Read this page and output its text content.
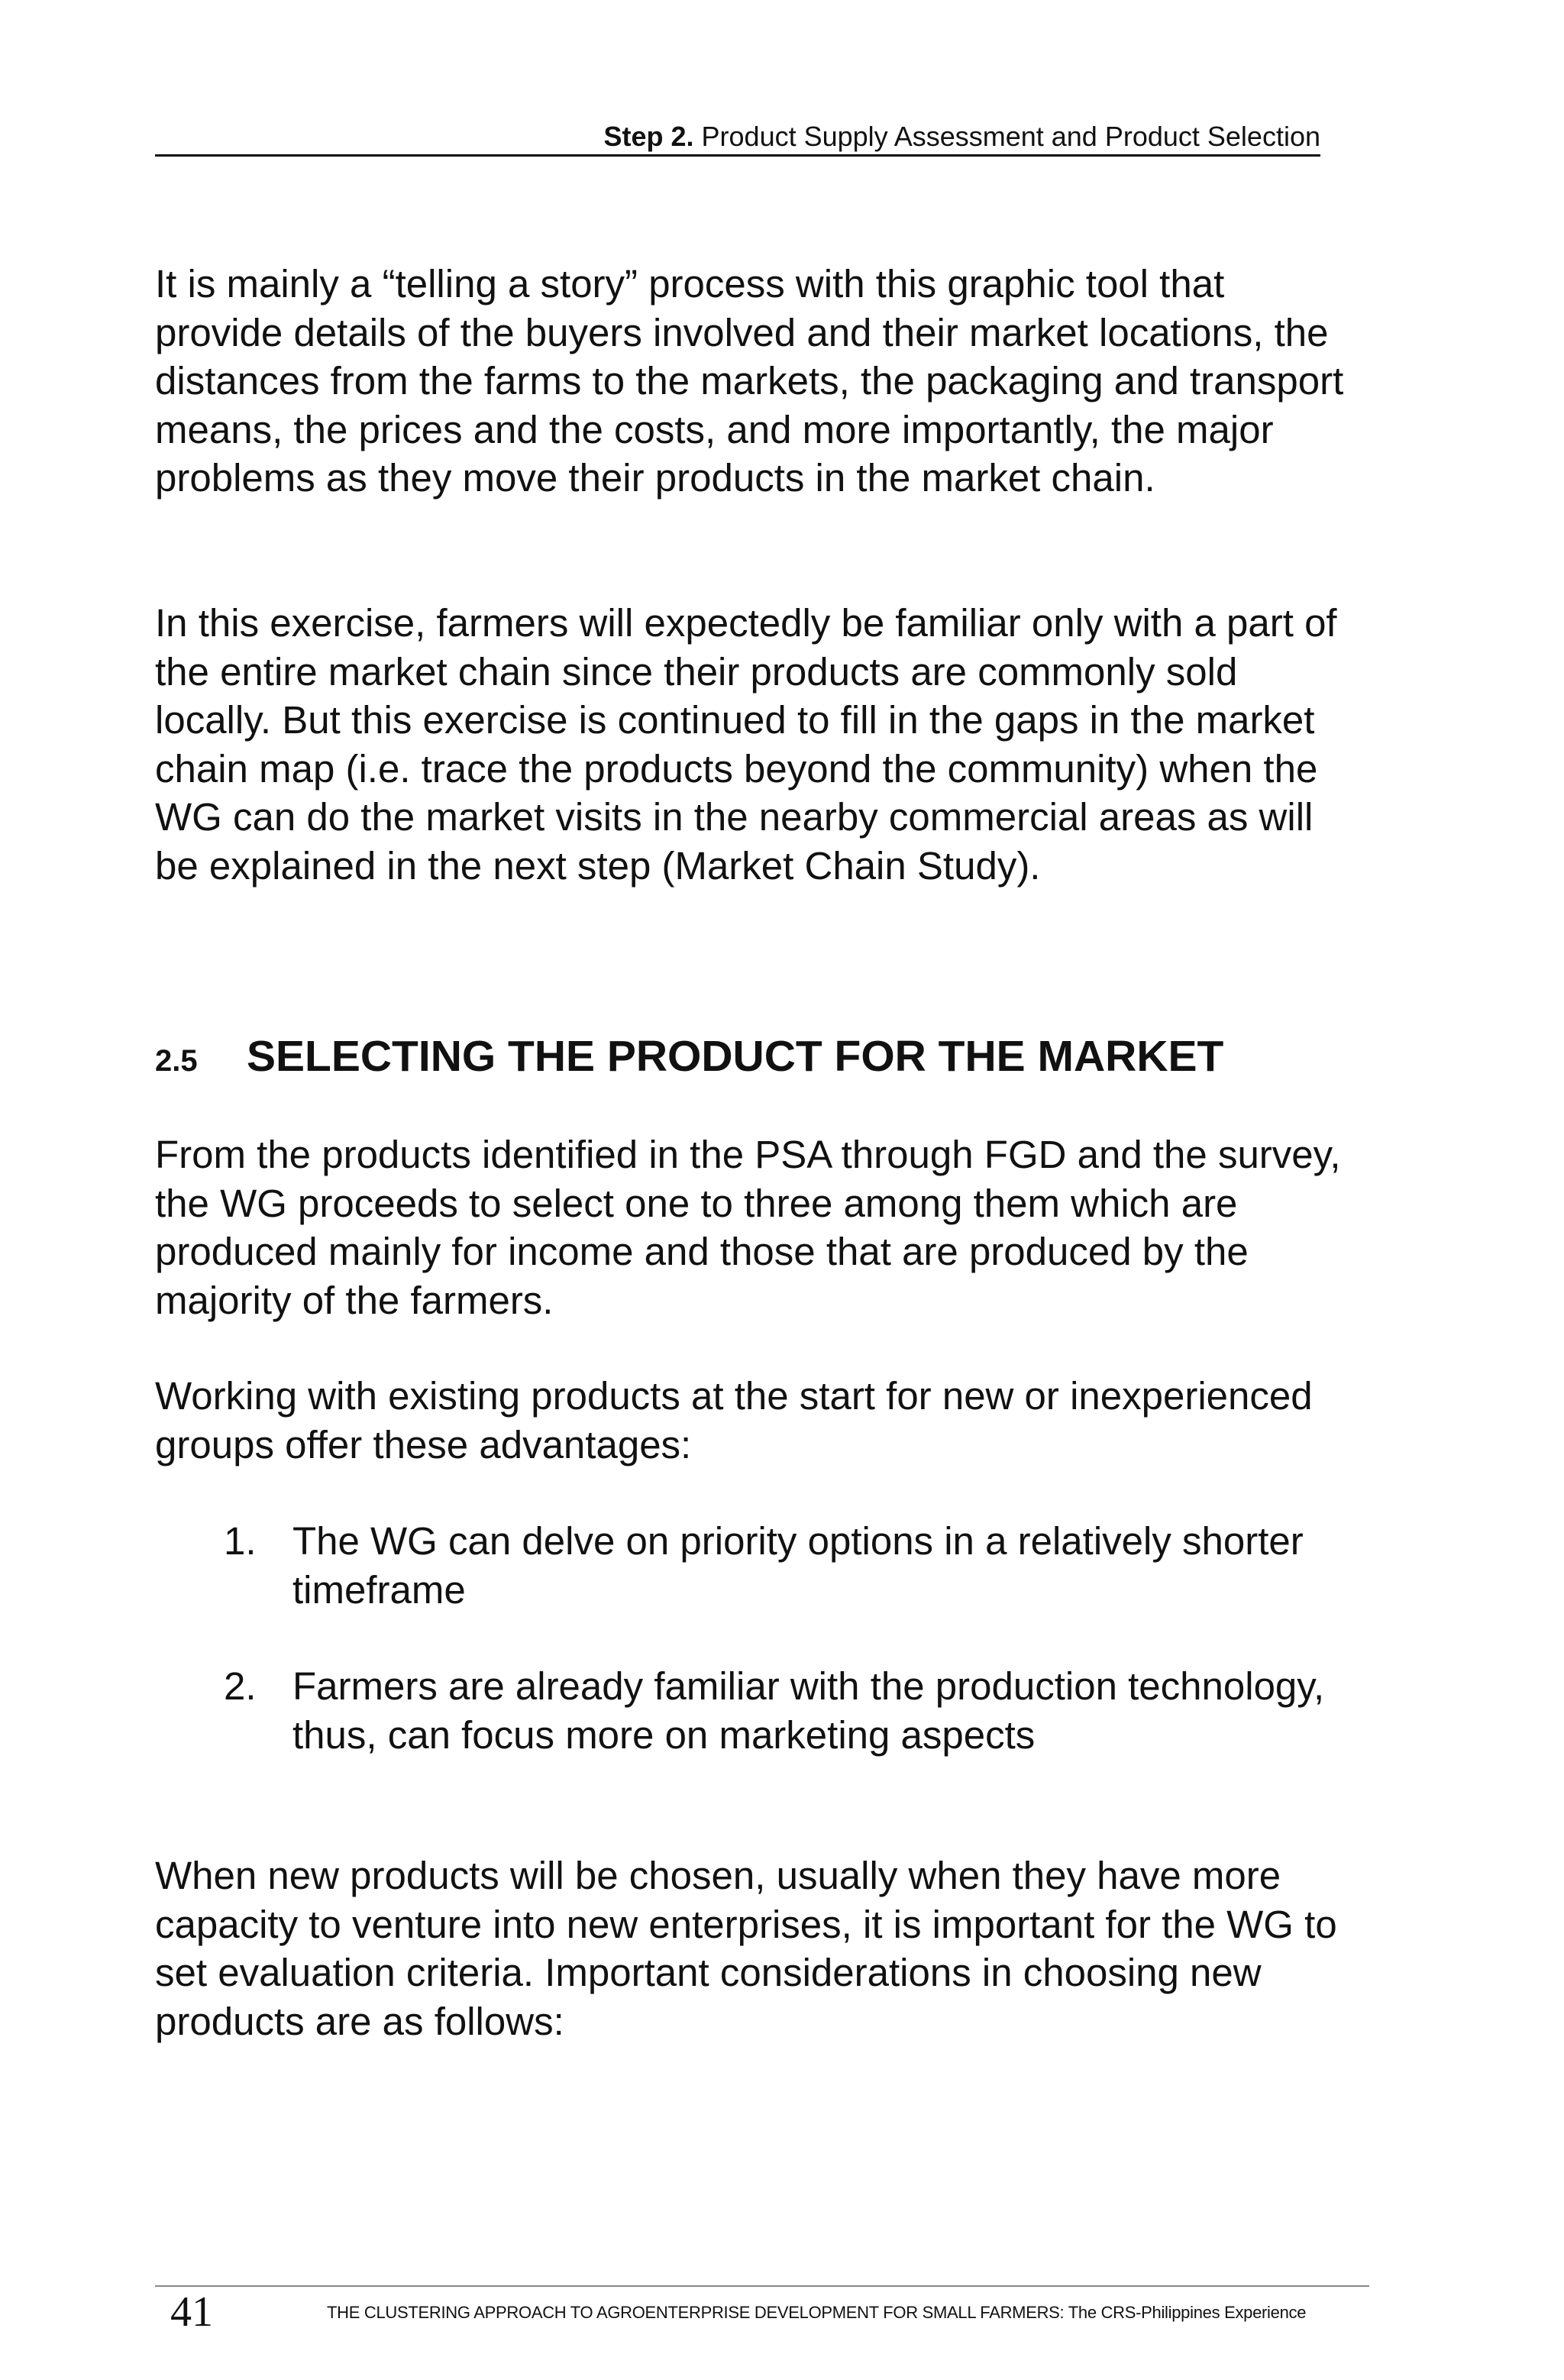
Step 2. Product Supply Assessment and Product Selection

It is mainly a “telling a story” process with this graphic tool that provide details of the buyers involved and their market locations, the distances from the farms to the markets, the packaging and transport means, the prices and the costs, and more importantly, the major problems as they move their products in the market chain.

In this exercise, farmers will expectedly be familiar only with a part of the entire market chain since their products are commonly sold locally. But this exercise is continued to fill in the gaps in the market chain map (i.e. trace the products beyond the community) when the WG can do the market visits in the nearby commercial areas as will be explained in the next step (Market Chain Study).

2.5 SELECTING THE PRODUCT FOR THE MARKET

From the products identified in the PSA through FGD and the survey, the WG proceeds to select one to three among them which are produced mainly for income and those that are produced by the majority of the farmers.

Working with existing products at the start for new or inexperienced groups offer these advantages:

1. The WG can delve on priority options in a relatively shorter timeframe
2. Farmers are already familiar with the production technology, thus, can focus more on marketing aspects

When new products will be chosen, usually when they have more capacity to venture into new enterprises, it is important for the WG to set evaluation criteria. Important considerations in choosing new products are as follows:

41	THE CLUSTERING APPROACH TO AGROENTERPRISE DEVELOPMENT FOR SMALL FARMERS: The CRS-Philippines Experience
